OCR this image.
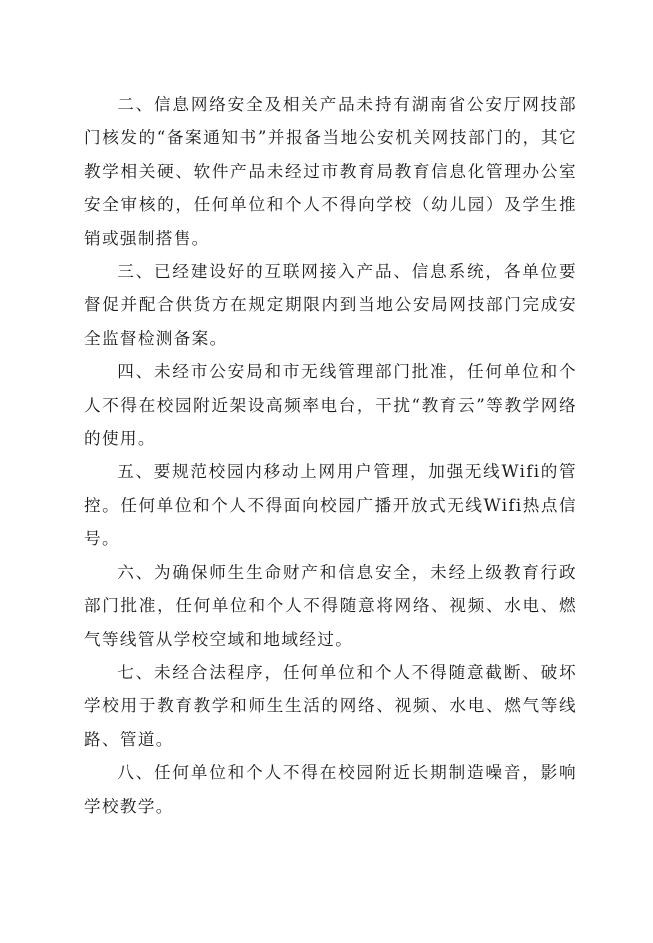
二、信息网络安全及相关产品未持有湖南省公安厅网技部门核发的“备案通知书”并报备当地公安机关网技部门的，其它教学相关硬、软件产品未经过市教育局教育信息化管理办公室安全审核的，任何单位和个人不得向学校（幼儿园）及学生推销或强制搭售。

三、已经建设好的互联网接入产品、信息系统，各单位要督促并配合供货方在规定期限内到当地公安局网技部门完成安全监督检测备案。

四、未经市公安局和市无线管理部门批准，任何单位和个人不得在校园附近架设高频率电台，干扰“教育云”等教学网络的使用。

五、要规范校园内移动上网用户管理，加强无线Wifi的管控。任何单位和个人不得面向校园广播开放式无线Wifi热点信号。

六、为确保师生生命财产和信息安全，未经上级教育行政部门批准，任何单位和个人不得随意将网络、视频、水电、燃气等线管从学校空域和地域经过。

七、未经合法程序，任何单位和个人不得随意截断、破坏学校用于教育教学和师生生活的网络、视频、水电、燃气等线路、管道。

八、任何单位和个人不得在校园附近长期制造噪音，影响学校教学。
